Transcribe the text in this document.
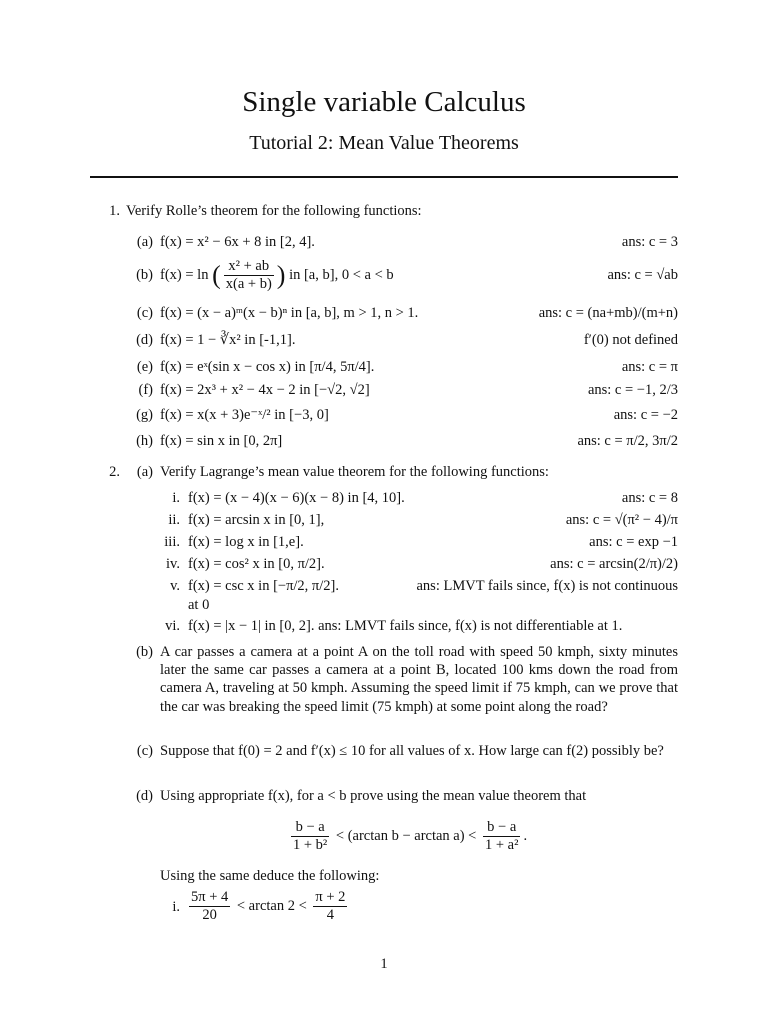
Single variable Calculus
Tutorial 2: Mean Value Theorems
1. Verify Rolle’s theorem for the following functions:
(a) f(x) = x² − 6x + 8 in [2, 4].	ans: c = 3
(b) f(x) = ln ( $\frac{\text{x² + ab}}{x(a + b)}$ ) in [a, b], 0 < a < b	ans: c = √ab
(c) f(x) = (x − a)ᵐ(x − b)ⁿ in [a, b], m > 1, n > 1.	ans: c = (na+mb)/(m+n)
(d) f(x) = 1 − ∛x² in [-1,1].	f′(0) not defined
(e) f(x) = eˣ(sin x − cos x) in [π/4, 5π/4].	ans: c = π
(f) f(x) = 2x³ + x² − 4x − 2 in [−√2, √2]	ans: c = −1, 2/3
(g) f(x) = x(x + 3)e⁻ˣ/² in [−3, 0]	ans: c = −2
(h) f(x) = sin x in [0, 2π]	ans: c = π/2, 3π/2
2.	(a) Verify Lagrange’s mean value theorem for the following functions:
i. f(x) = (x − 4)(x − 6)(x − 8) in [4, 10].	ans: c = 8
ii. f(x) = arcsin x in [0, 1],	ans: c = √(π² − 4)/π
iii. f(x) = log x in [1,e].	ans: c = exp −1
iv. f(x) = cos² x in [0, π/2].	ans: c = arcsin(2/π)/2)
v. f(x) = csc x in [−π/2, π/2].	ans: LMVT fails since, f(x) is not continuous
at 0
vi. f(x) = |x − 1| in [0, 2]. ans: LMVT fails since, f(x) is not differentiable at 1.
(b) A car passes a camera at a point A on the toll road with speed 50 kmph, sixty minutes later the same car passes a camera at a point B, located 100 kms down the road from camera A, traveling at 50 kmph. Assuming the speed limit if 75 kmph, can we prove that the car was breaking the speed limit (75 kmph) at some point along the road?
(c) Suppose that f(0) = 2 and f′(x) ≤ 10 for all values of x. How large can f(2) possibly be?
(d) Using appropriate f(x), for a < b prove using the mean value theorem that
$\frac{b - a}{\text{1 + b²}} < (\arctan$ $b - \arctan a) < \frac{b - a}{\text{1 + a²}}$ .
Using the same deduce the following:
i. $\frac{5\pi + 4}{20} < \arctan 2 < \frac{\pi + 2}{4}$
1
